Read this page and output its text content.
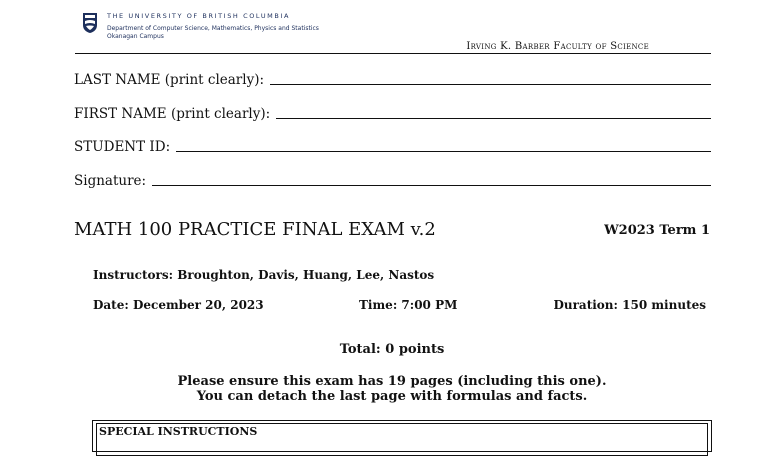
THE UNIVERSITY OF BRITISH COLUMBIA
Department of Computer Science, Mathematics, Physics and Statistics
Okanagan Campus
Irving K. Barber Faculty of Science
LAST NAME (print clearly):
FIRST NAME (print clearly):
STUDENT ID:
Signature:
MATH 100 PRACTICE FINAL EXAM v.2	W2023 Term 1
Instructors: Broughton, Davis, Huang, Lee, Nastos
Date: December 20, 2023	Time: 7:00 PM	Duration: 150 minutes
Total: 0 points
Please ensure this exam has 19 pages (including this one).
You can detach the last page with formulas and facts.
SPECIAL INSTRUCTIONS
